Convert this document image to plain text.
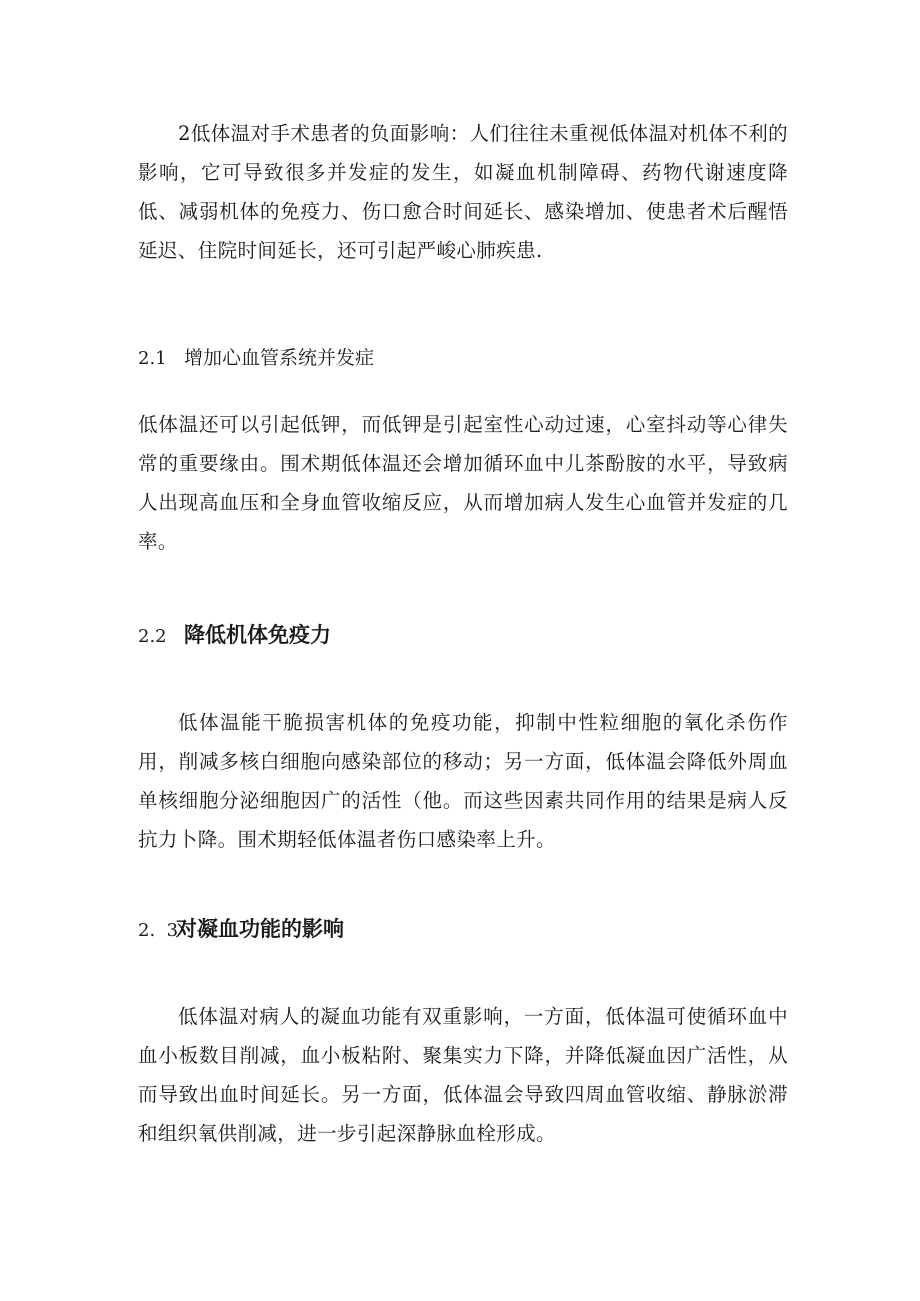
2低体温对手术患者的负面影响：人们往往未重视低体温对机体不利的影响，它可导致很多并发症的发生，如凝血机制障碍、药物代谢速度降低、减弱机体的免疫力、伤口愈合时间延长、感染增加、使患者术后醒悟延迟、住院时间延长，还可引起严峻心肺疾患.

2.1 增加心血管系统并发症

低体温还可以引起低钾，而低钾是引起室性心动过速，心室抖动等心律失常的重要缘由。围术期低体温还会增加循环血中儿茶酚胺的水平，导致病人出现高血压和全身血管收缩反应，从而增加病人发生心血管并发症的几率。

2.2 降低机体免疫力

低体温能干脆损害机体的免疫功能，抑制中性粒细胞的氧化杀伤作用，削减多核白细胞向感染部位的移动；另一方面，低体温会降低外周血单核细胞分泌细胞因广的活性（他。而这些因素共同作用的结果是病人反抗力卜降。围术期轻低体温者伤口感染率上升。

2.  3对凝血功能的影响

低体温对病人的凝血功能有双重影响，一方面，低体温可使循环血中血小板数目削减，血小板粘附、聚集实力下降，并降低凝血因广活性，从而导致出血时间延长。另一方面，低体温会导致四周血管收缩、静脉淤滞和组织氧供削减，进一步引起深静脉血栓形成。
